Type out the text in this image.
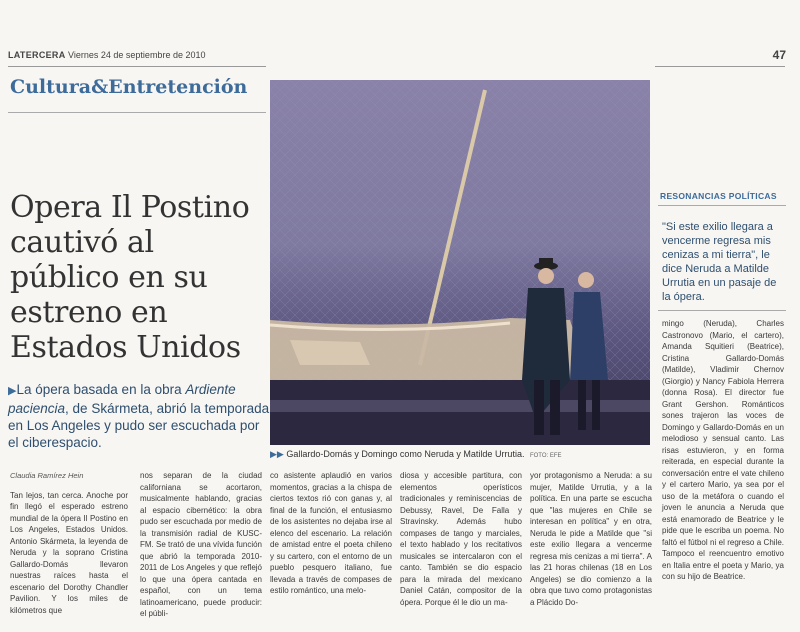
LATERCERA Viernes 24 de septiembre de 2010	47
Cultura&Entretención
Opera Il Postino cautivó al público en su estreno en Estados Unidos
▶La ópera basada en la obra Ardiente paciencia, de Skármeta, abrió la temporada en Los Angeles y pudo ser escuchada por el ciberespacio.
▶▶ Gallardo-Domás y Domingo como Neruda y Matilde Urrutia. FOTO: EFE
RESONANCIAS POLÍTICAS
"Si este exilio llegara a vencerme regresa mis cenizas a mi tierra", le dice Neruda a Matilde Urrutia en un pasaje de la ópera.
Claudia Ramírez Hein
Tan lejos, tan cerca. Anoche por fin llegó el esperado estreno mundial de la ópera Il Postino en Los Angeles, Estados Unidos. Antonio Skármeta, la leyenda de Neruda y la soprano Cristina Gallardo-Domás llevaron nuestras raíces hasta el escenario del Dorothy Chandler Pavilion. Y los miles de kilómetros que
nos separan de la ciudad californiana se acortaron, musicalmente hablando, gracias al espacio cibernético: la obra pudo ser escuchada por medio de la transmisión radial de KUSC-FM. Se trató de una vívida función que abrió la temporada 2010-2011 de Los Angeles y que reflejó lo que una ópera cantada en español, con un tema latinoamericano, puede producir: el públi-
co asistente aplaudió en varios momentos, gracias a la chispa de ciertos textos rió con ganas y, al final de la función, el entusiasmo de los asistentes no dejaba irse al elenco del escenario. La relación de amistad entre el poeta chileno y su cartero, con el entorno de un pueblo pesquero italiano, fue llevada a través de compases de estilo romántico, una melo-
diosa y accesible partitura, con elementos operísticos tradicionales y reminiscencias de Debussy, Ravel, De Falla y Stravinsky. Además hubo compases de tango y marciales, el texto hablado y los recitativos musicales se intercalaron con el canto. También se dio espacio para la mirada del mexicano Daniel Catán, compositor de la ópera. Porque él le dio un ma-
yor protagonismo a Neruda: a su mujer, Matilde Urrutia, y a la política. En una parte se escucha que "las mujeres en Chile se interesan en política" y en otra, Neruda le pide a Matilde que "si este exilio llegara a vencerme regresa mis cenizas a mi tierra". A las 21 horas chilenas (18 en Los Angeles) se dio comienzo a la obra que tuvo como protagonistas a Plácido Do-
mingo (Neruda), Charles Castronovo (Mario, el cartero), Amanda Squitieri (Beatrice), Cristina Gallardo-Domás (Matilde), Vladimir Chernov (Giorgio) y Nancy Fabiola Herrera (donna Rosa). El director fue Grant Gershon. Románticos sones trajeron las voces de Domingo y Gallardo-Domás en un melodioso y sensual canto. Las risas estuvieron, y en forma reiterada, en especial durante la conversación entre el vate chileno y el cartero Mario, ya sea por el uso de la metáfora o cuando el joven le anuncia a Neruda que está enamorado de Beatrice y le pide que le escriba un poema. No faltó el fútbol ni el regreso a Chile. Tampoco el reencuentro emotivo en Italia entre el poeta y Mario, ya con su hijo de Beatrice.
